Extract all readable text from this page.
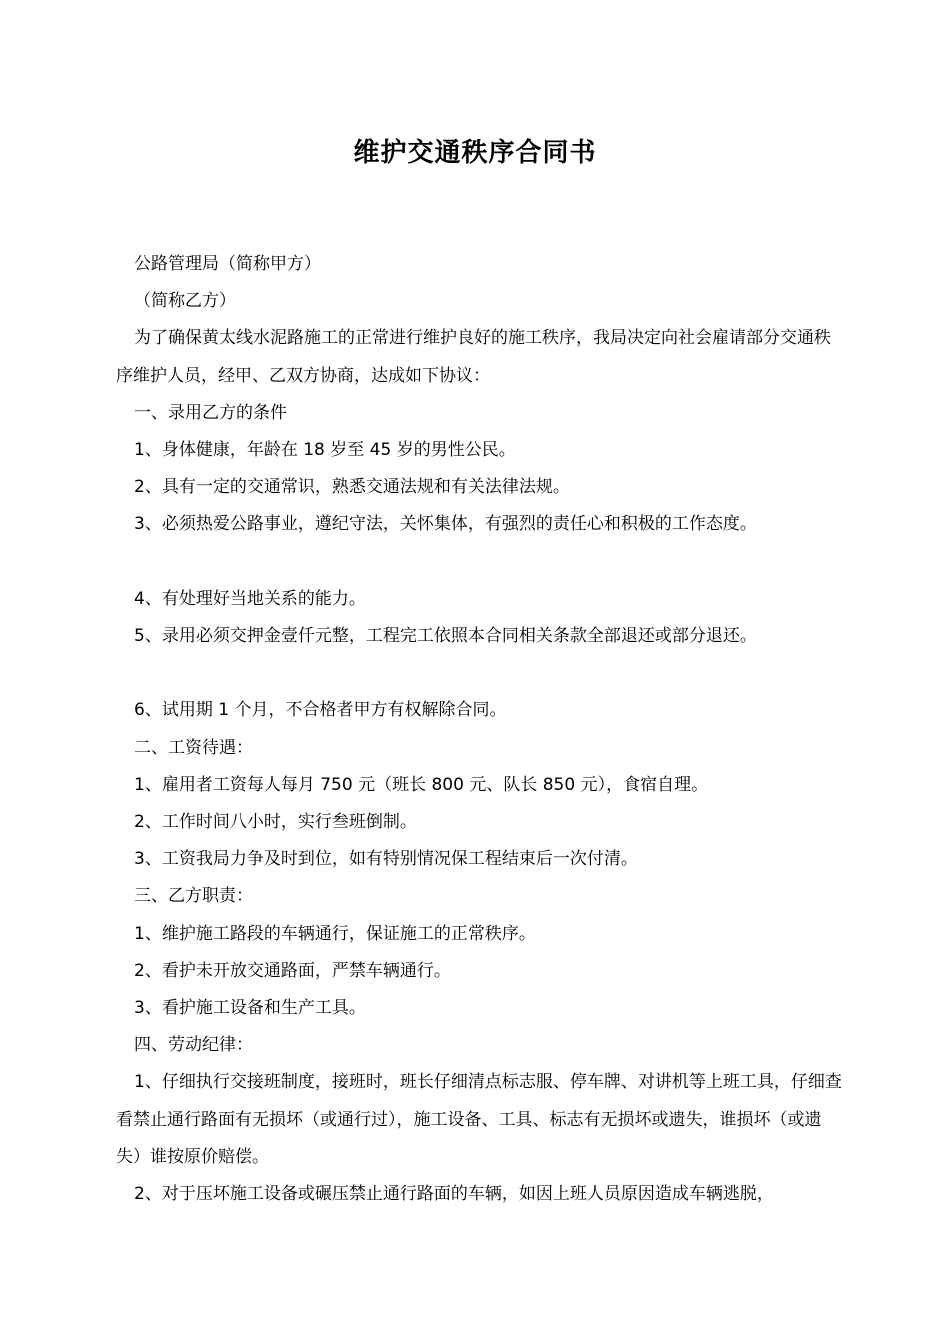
维护交通秩序合同书

公路管理局（简称甲方）

（简称乙方）

为了确保黄太线水泥路施工的正常进行维护良好的施工秩序，我局决定向社会雇请部分交通秩序维护人员，经甲、乙双方协商，达成如下协议：

一、录用乙方的条件

1、身体健康，年龄在 18 岁至 45 岁的男性公民。

2、具有一定的交通常识，熟悉交通法规和有关法律法规。

3、必须热爱公路事业，遵纪守法，关怀集体，有强烈的责任心和积极的工作态度。

4、有处理好当地关系的能力。

5、录用必须交押金壹仟元整，工程完工依照本合同相关条款全部退还或部分退还。

6、试用期 1 个月，不合格者甲方有权解除合同。

二、工资待遇：

1、雇用者工资每人每月 750 元（班长 800 元、队长 850 元），食宿自理。

2、工作时间八小时，实行叁班倒制。

3、工资我局力争及时到位，如有特别情况保工程结束后一次付清。

三、乙方职责：

1、维护施工路段的车辆通行，保证施工的正常秩序。

2、看护未开放交通路面，严禁车辆通行。

3、看护施工设备和生产工具。

四、劳动纪律：

1、仔细执行交接班制度，接班时，班长仔细清点标志服、停车牌、对讲机等上班工具，仔细查看禁止通行路面有无损坏（或通行过），施工设备、工具、标志有无损坏或遗失，谁损坏（或遗失）谁按原价赔偿。

2、对于压坏施工设备或碾压禁止通行路面的车辆，如因上班人员原因造成车辆逃脱，
